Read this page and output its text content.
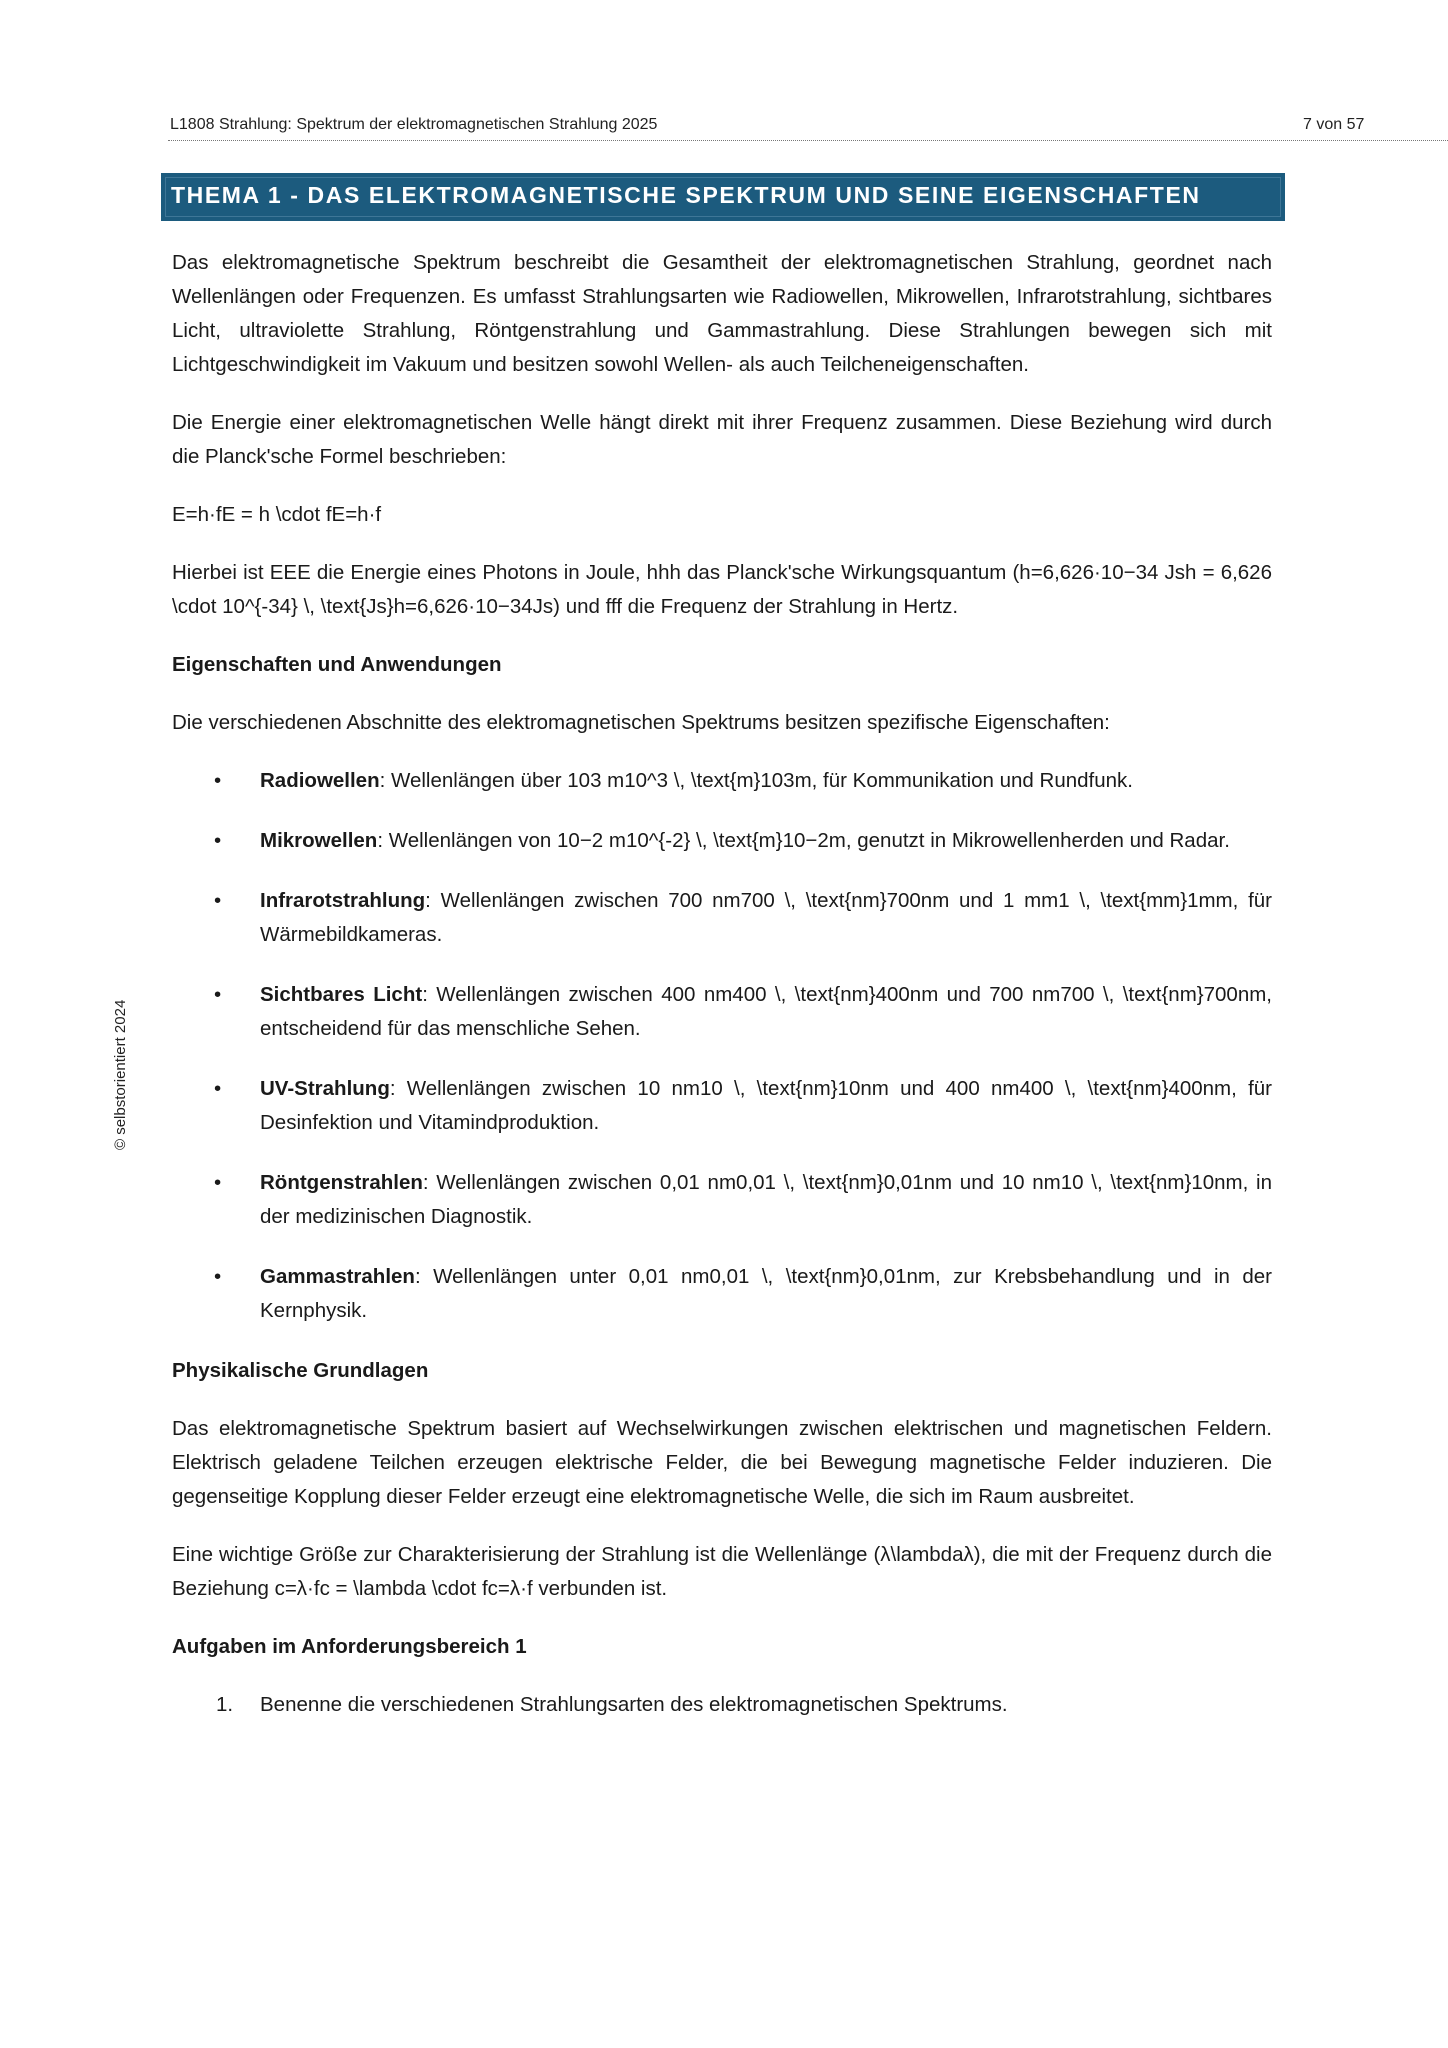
L1808 Strahlung: Spektrum der elektromagnetischen Strahlung 2025	7 von 57
© selbstorientiert 2024
THEMA 1 - DAS ELEKTROMAGNETISCHE SPEKTRUM UND SEINE EIGENSCHAFTEN

Das elektromagnetische Spektrum beschreibt die Gesamtheit der elektromagnetischen Strahlung, geordnet nach Wellenlängen oder Frequenzen. Es umfasst Strahlungsarten wie Radiowellen, Mikrowellen, Infrarotstrahlung, sichtbares Licht, ultraviolette Strahlung, Röntgenstrahlung und Gammastrahlung. Diese Strahlungen bewegen sich mit Lichtgeschwindigkeit im Vakuum und besitzen sowohl Wellen- als auch Teilcheneigenschaften.

Die Energie einer elektromagnetischen Welle hängt direkt mit ihrer Frequenz zusammen. Diese Beziehung wird durch die Planck'sche Formel beschrieben:

E=h·fE = h \cdot fE=h·f

Hierbei ist EEE die Energie eines Photons in Joule, hhh das Planck'sche Wirkungsquantum (h=6,626·10−34 Jsh = 6,626 \cdot 10^{-34} \, \text{Js}h=6,626·10−34Js) und fff die Frequenz der Strahlung in Hertz.

Eigenschaften und Anwendungen

Die verschiedenen Abschnitte des elektromagnetischen Spektrums besitzen spezifische Eigenschaften:

• Radiowellen: Wellenlängen über 103 m10^3 \, \text{m}103m, für Kommunikation und Rundfunk.
• Mikrowellen: Wellenlängen von 10−2 m10^{-2} \, \text{m}10−2m, genutzt in Mikrowellenherden und Radar.
• Infrarotstrahlung: Wellenlängen zwischen 700 nm700 \, \text{nm}700nm und 1 mm1 \, \text{mm}1mm, für Wärmebildkameras.
• Sichtbares Licht: Wellenlängen zwischen 400 nm400 \, \text{nm}400nm und 700 nm700 \, \text{nm}700nm, entscheidend für das menschliche Sehen.
• UV-Strahlung: Wellenlängen zwischen 10 nm10 \, \text{nm}10nm und 400 nm400 \, \text{nm}400nm, für Desinfektion und Vitamindproduktion.
• Röntgenstrahlen: Wellenlängen zwischen 0,01 nm0,01 \, \text{nm}0,01nm und 10 nm10 \, \text{nm}10nm, in der medizinischen Diagnostik.
• Gammastrahlen: Wellenlängen unter 0,01 nm0,01 \, \text{nm}0,01nm, zur Krebsbehandlung und in der Kernphysik.
Physikalische Grundlagen

Das elektromagnetische Spektrum basiert auf Wechselwirkungen zwischen elektrischen und magnetischen Feldern. Elektrisch geladene Teilchen erzeugen elektrische Felder, die bei Bewegung magnetische Felder induzieren. Die gegenseitige Kopplung dieser Felder erzeugt eine elektromagnetische Welle, die sich im Raum ausbreitet.

Eine wichtige Größe zur Charakterisierung der Strahlung ist die Wellenlänge (λ\lambdaλ), die mit der Frequenz durch die Beziehung c=λ·fc = \lambda \cdot fc=λ·f verbunden ist.

Aufgaben im Anforderungsbereich 1
1. Benenne die verschiedenen Strahlungsarten des elektromagnetischen Spektrums.
